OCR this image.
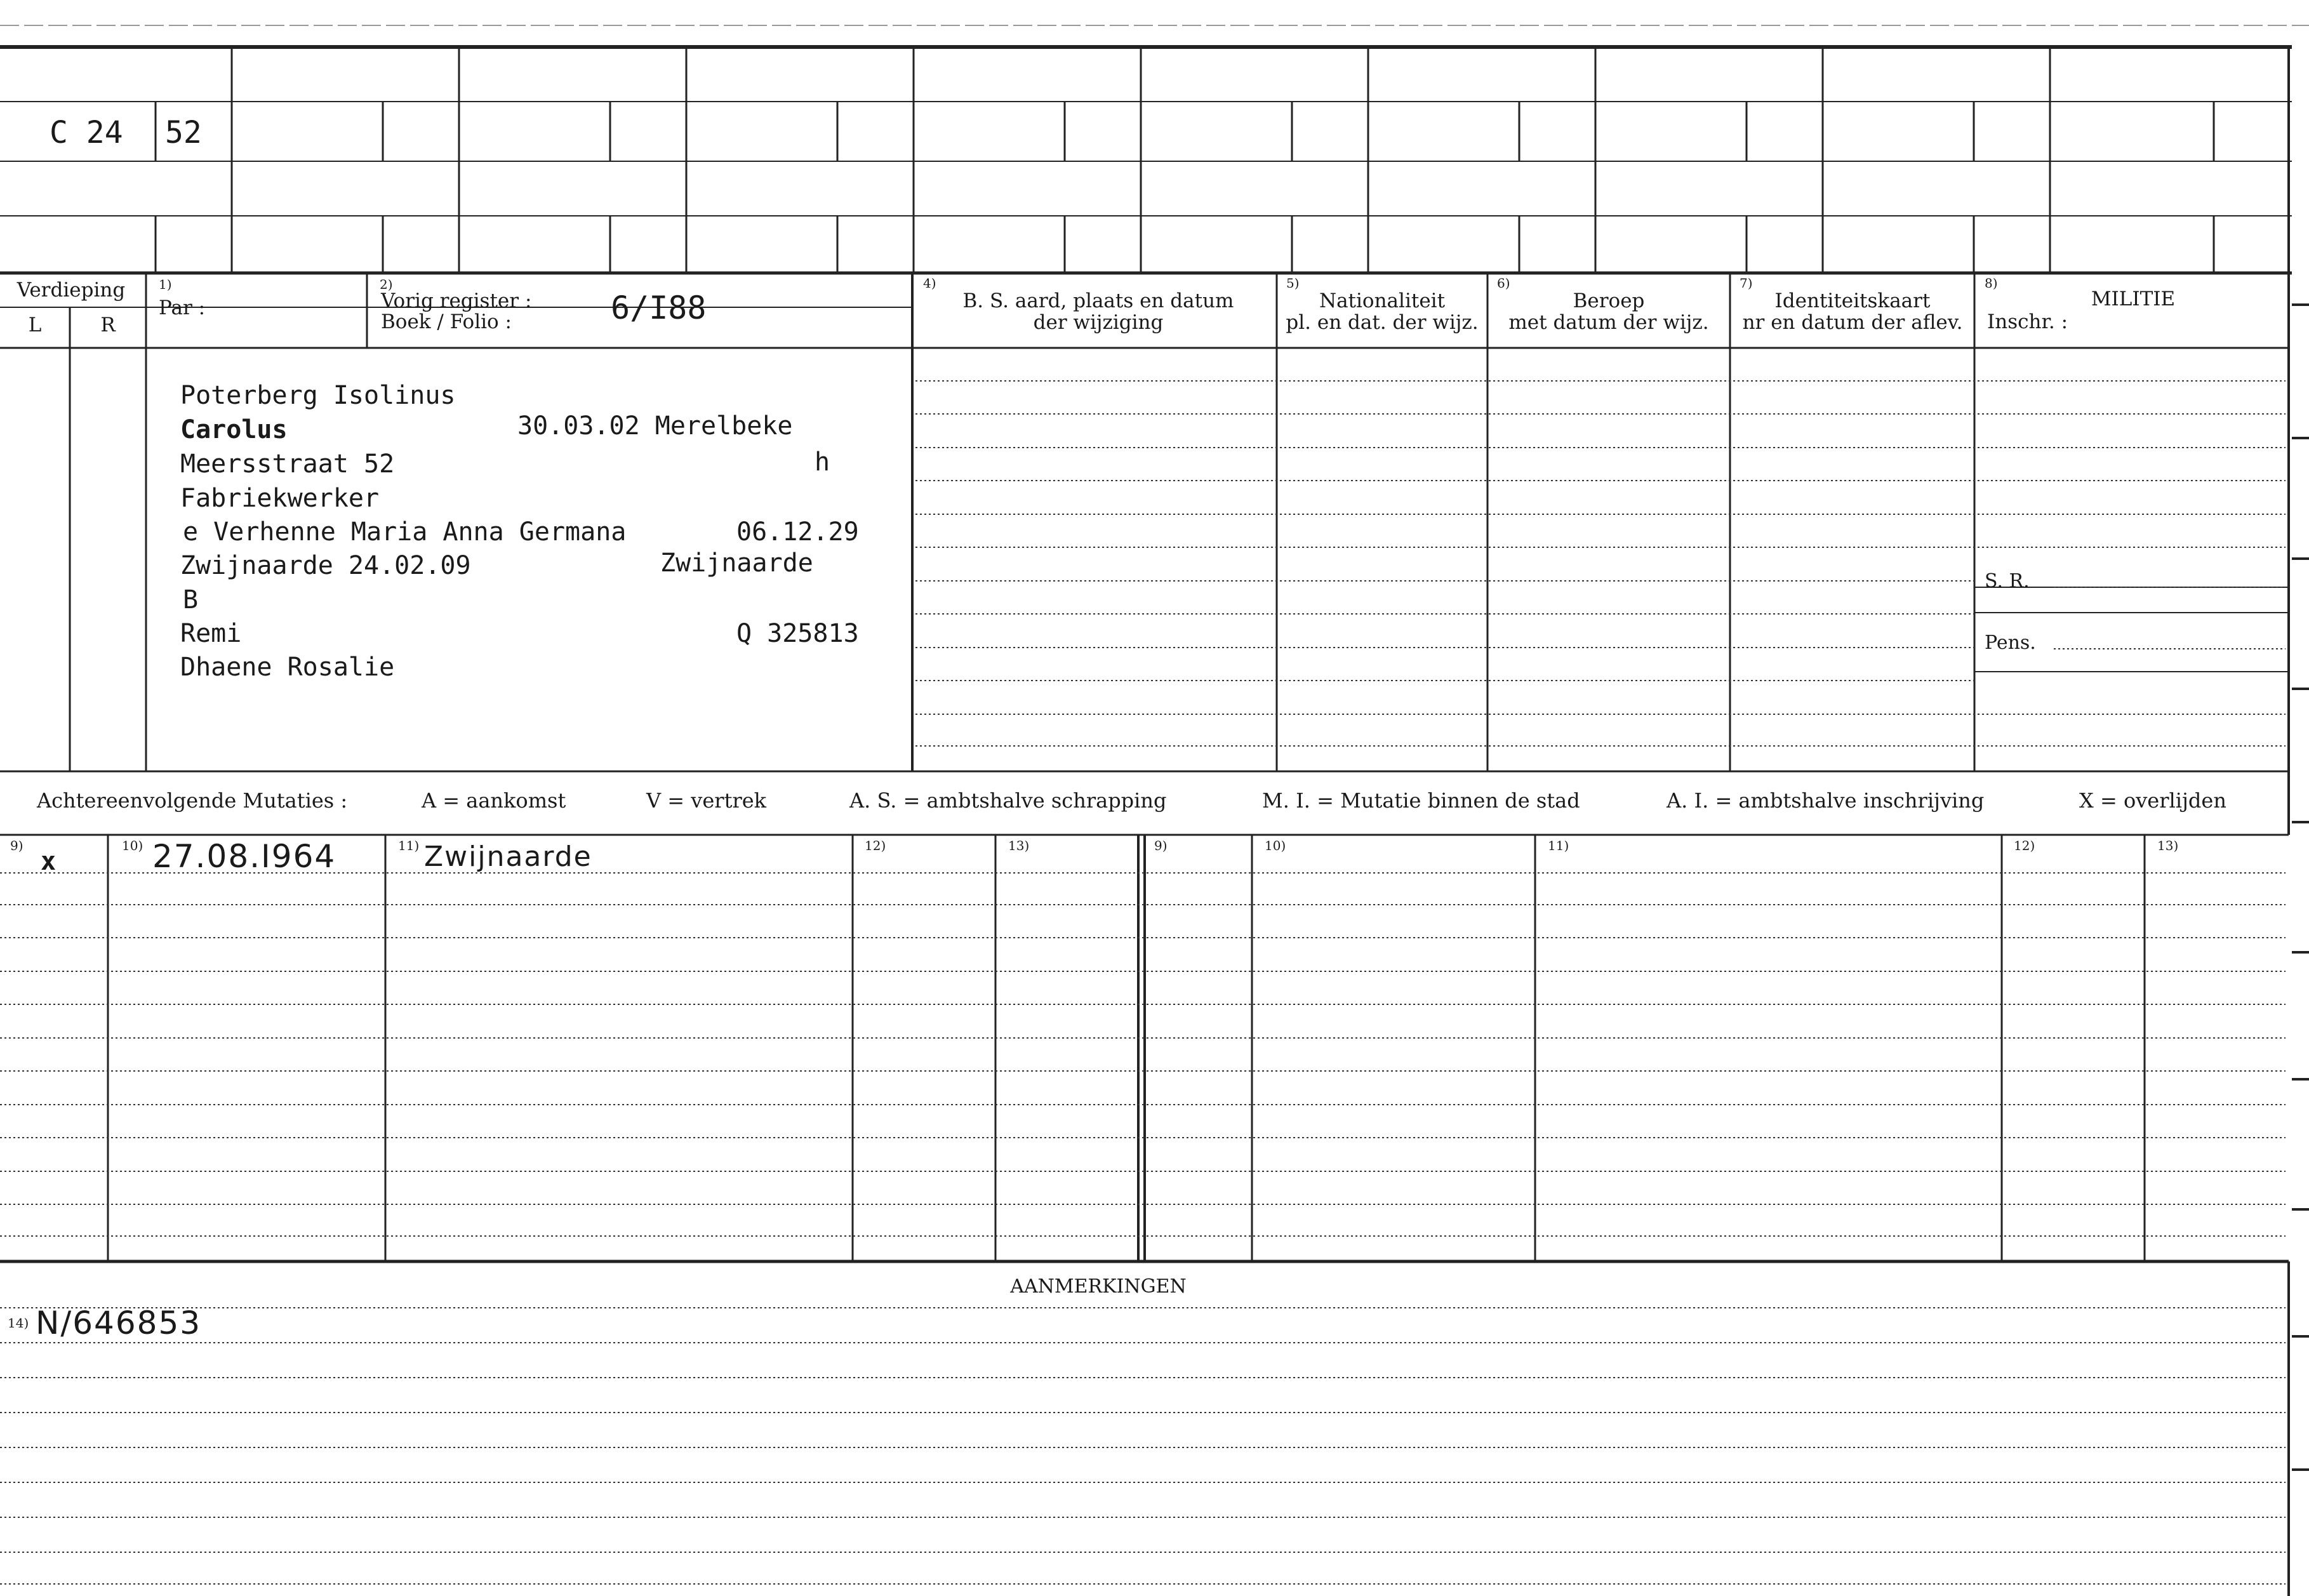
C 24 52
Verdieping
L	R
1)
Par :
2)
Vorig register :
Boek / Folio :	6/I88
4)
B. S. aard, plaats en datum
der wijziging
5)
Nationaliteit
pl. en dat. der wijz.
6)
Beroep
met datum der wijz.
7)
Identiteitskaart
nr en datum der aflev.
8)
MILITIE
Inschr. :
S. R.
Pens.
Poterberg Isolinus
Carolus	30.03.02 Merelbeke
Meersstraat 52	h
Fabriekwerker
e Verhenne Maria Anna Germana	06.12.29
Zwijnaarde 24.02.09	Zwijnaarde
B
Remi	Q 325813
Dhaene Rosalie
Achtereenvolgende Mutaties :	A = aankomst	V = vertrek	A. S. = ambtshalve schrapping	M. I. = Mutatie binnen de stad	A. I. = ambtshalve inschrijving	X = overlijden
9)	10)	11)	12)	13)	9)	10)	11)	12)	13)
x	27.08.I964	Zwijnaarde
AANMERKINGEN
14) N/646853
